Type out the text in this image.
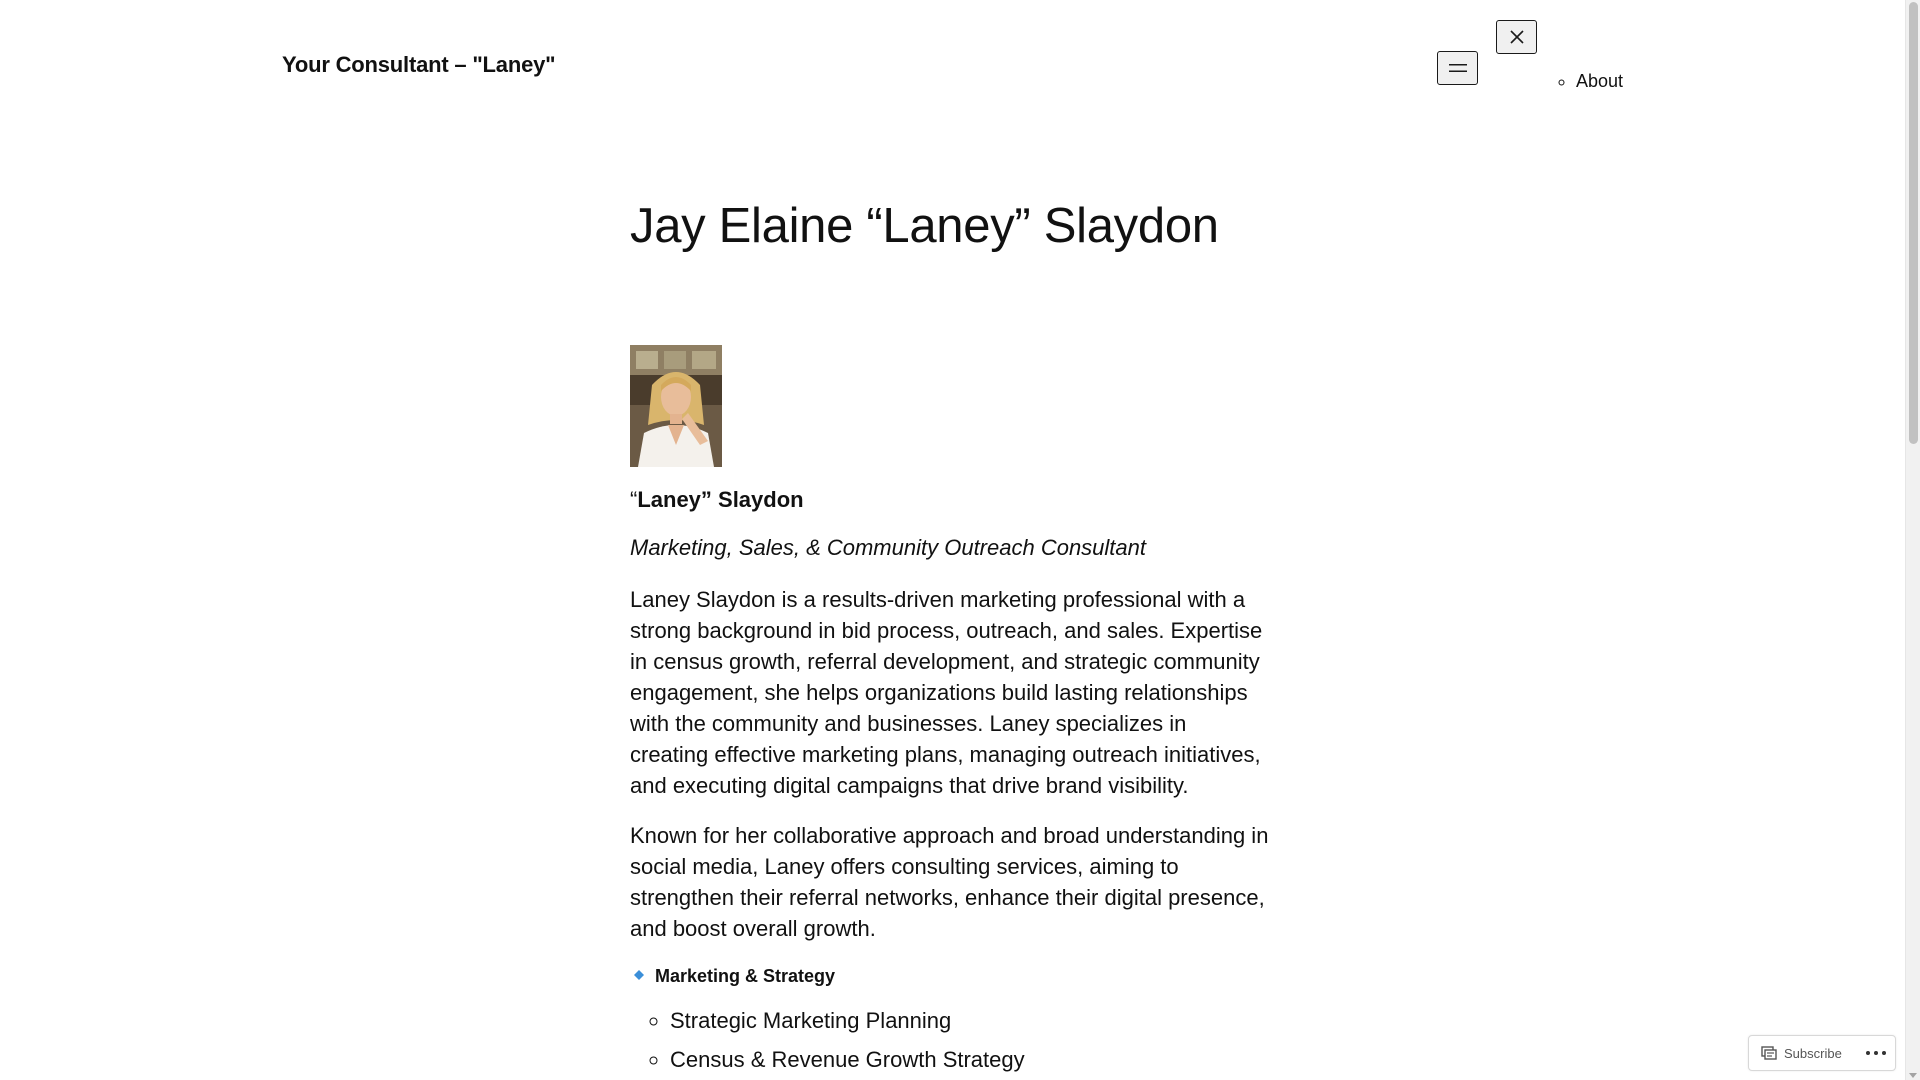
Your Consultant – "Laney"
◦ About
Jay Elaine “Laney” Slaydon

“Laney” Slaydon

Marketing, Sales, & Community Outreach Consultant

Laney Slaydon is a results-driven marketing professional with a strong background in bid process, outreach, and sales. Expertise in census growth, referral development, and strategic community engagement, she helps organizations build lasting relationships with the community and businesses. Laney specializes in creating effective marketing plans, managing outreach initiatives, and executing digital campaigns that drive brand visibility.

Known for her collaborative approach and broad understanding in social media, Laney offers consulting services, aiming to strengthen their referral networks, enhance their digital presence, and boost overall growth.

Marketing & Strategy
◦ Strategic Marketing Planning
◦ Census & Revenue Growth Strategy	Subscribe
